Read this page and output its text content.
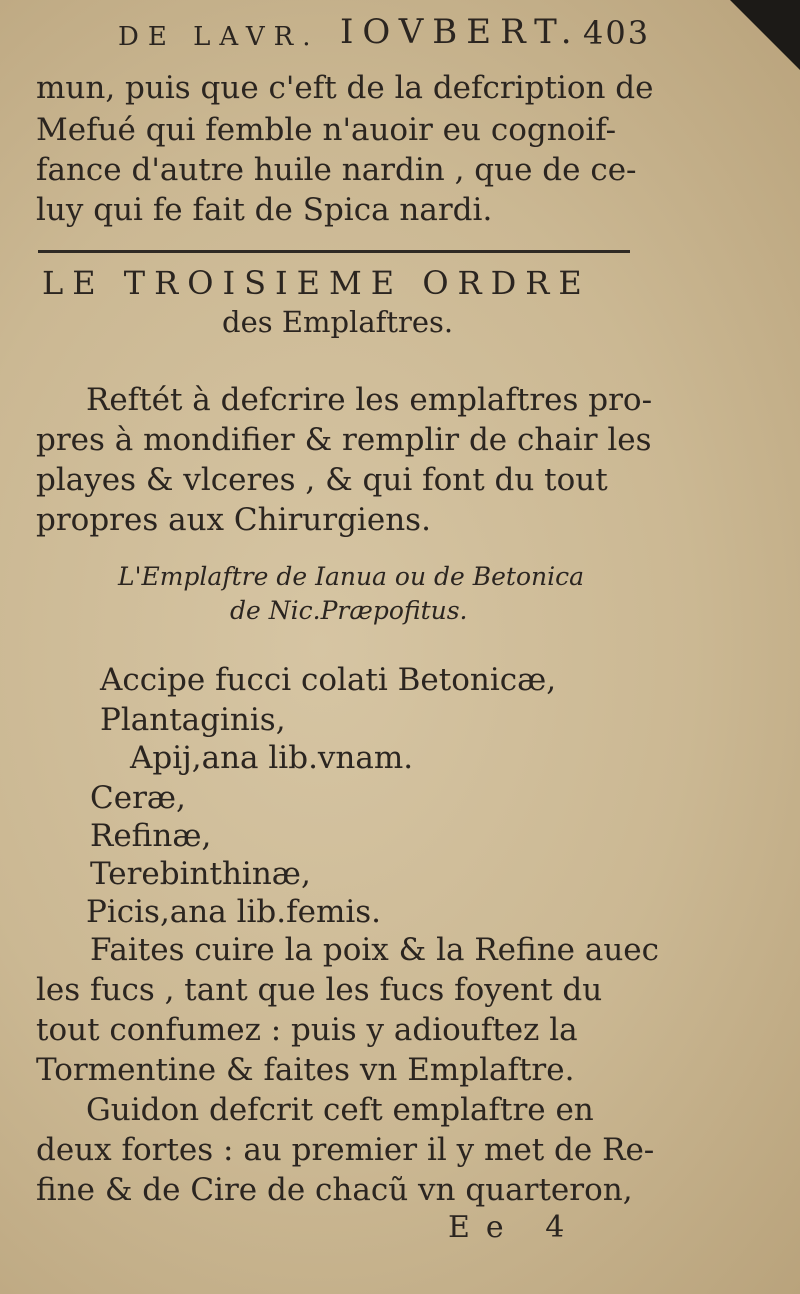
DE LAVR. IOVBERT. 403
mun, puis que c'eft de la defcription de
Mefué qui femble n'auoir eu cognoif-
fance d'autre huile nardin , que de ce-
luy qui fe fait de Spica nardi.
LE TROISIEME ORDRE
des Emplaftres.
Reftét à defcrire les emplaftres pro-
pres à mondifier & remplir de chair les
playes & vlceres , & qui font du tout
propres aux Chirurgiens.
L'Emplaftre de Ianua ou de Betonica
de Nic.Præpofitus.
Accipe fucci colati Betonicæ,
Plantaginis,
Apij,ana lib.vnam.
Ceræ,
Refinæ,
Terebinthinæ,
Picis,ana lib.femis.
Faites cuire la poix & la Refine auec
les fucs , tant que les fucs foyent du
tout confumez : puis y adiouftez la
Tormentine & faites vn Emplaftre.
Guidon defcrit ceft emplaftre en
deux fortes : au premier il y met de Re-
fine & de Cire de chacũ vn quarteron,
Ee 4
